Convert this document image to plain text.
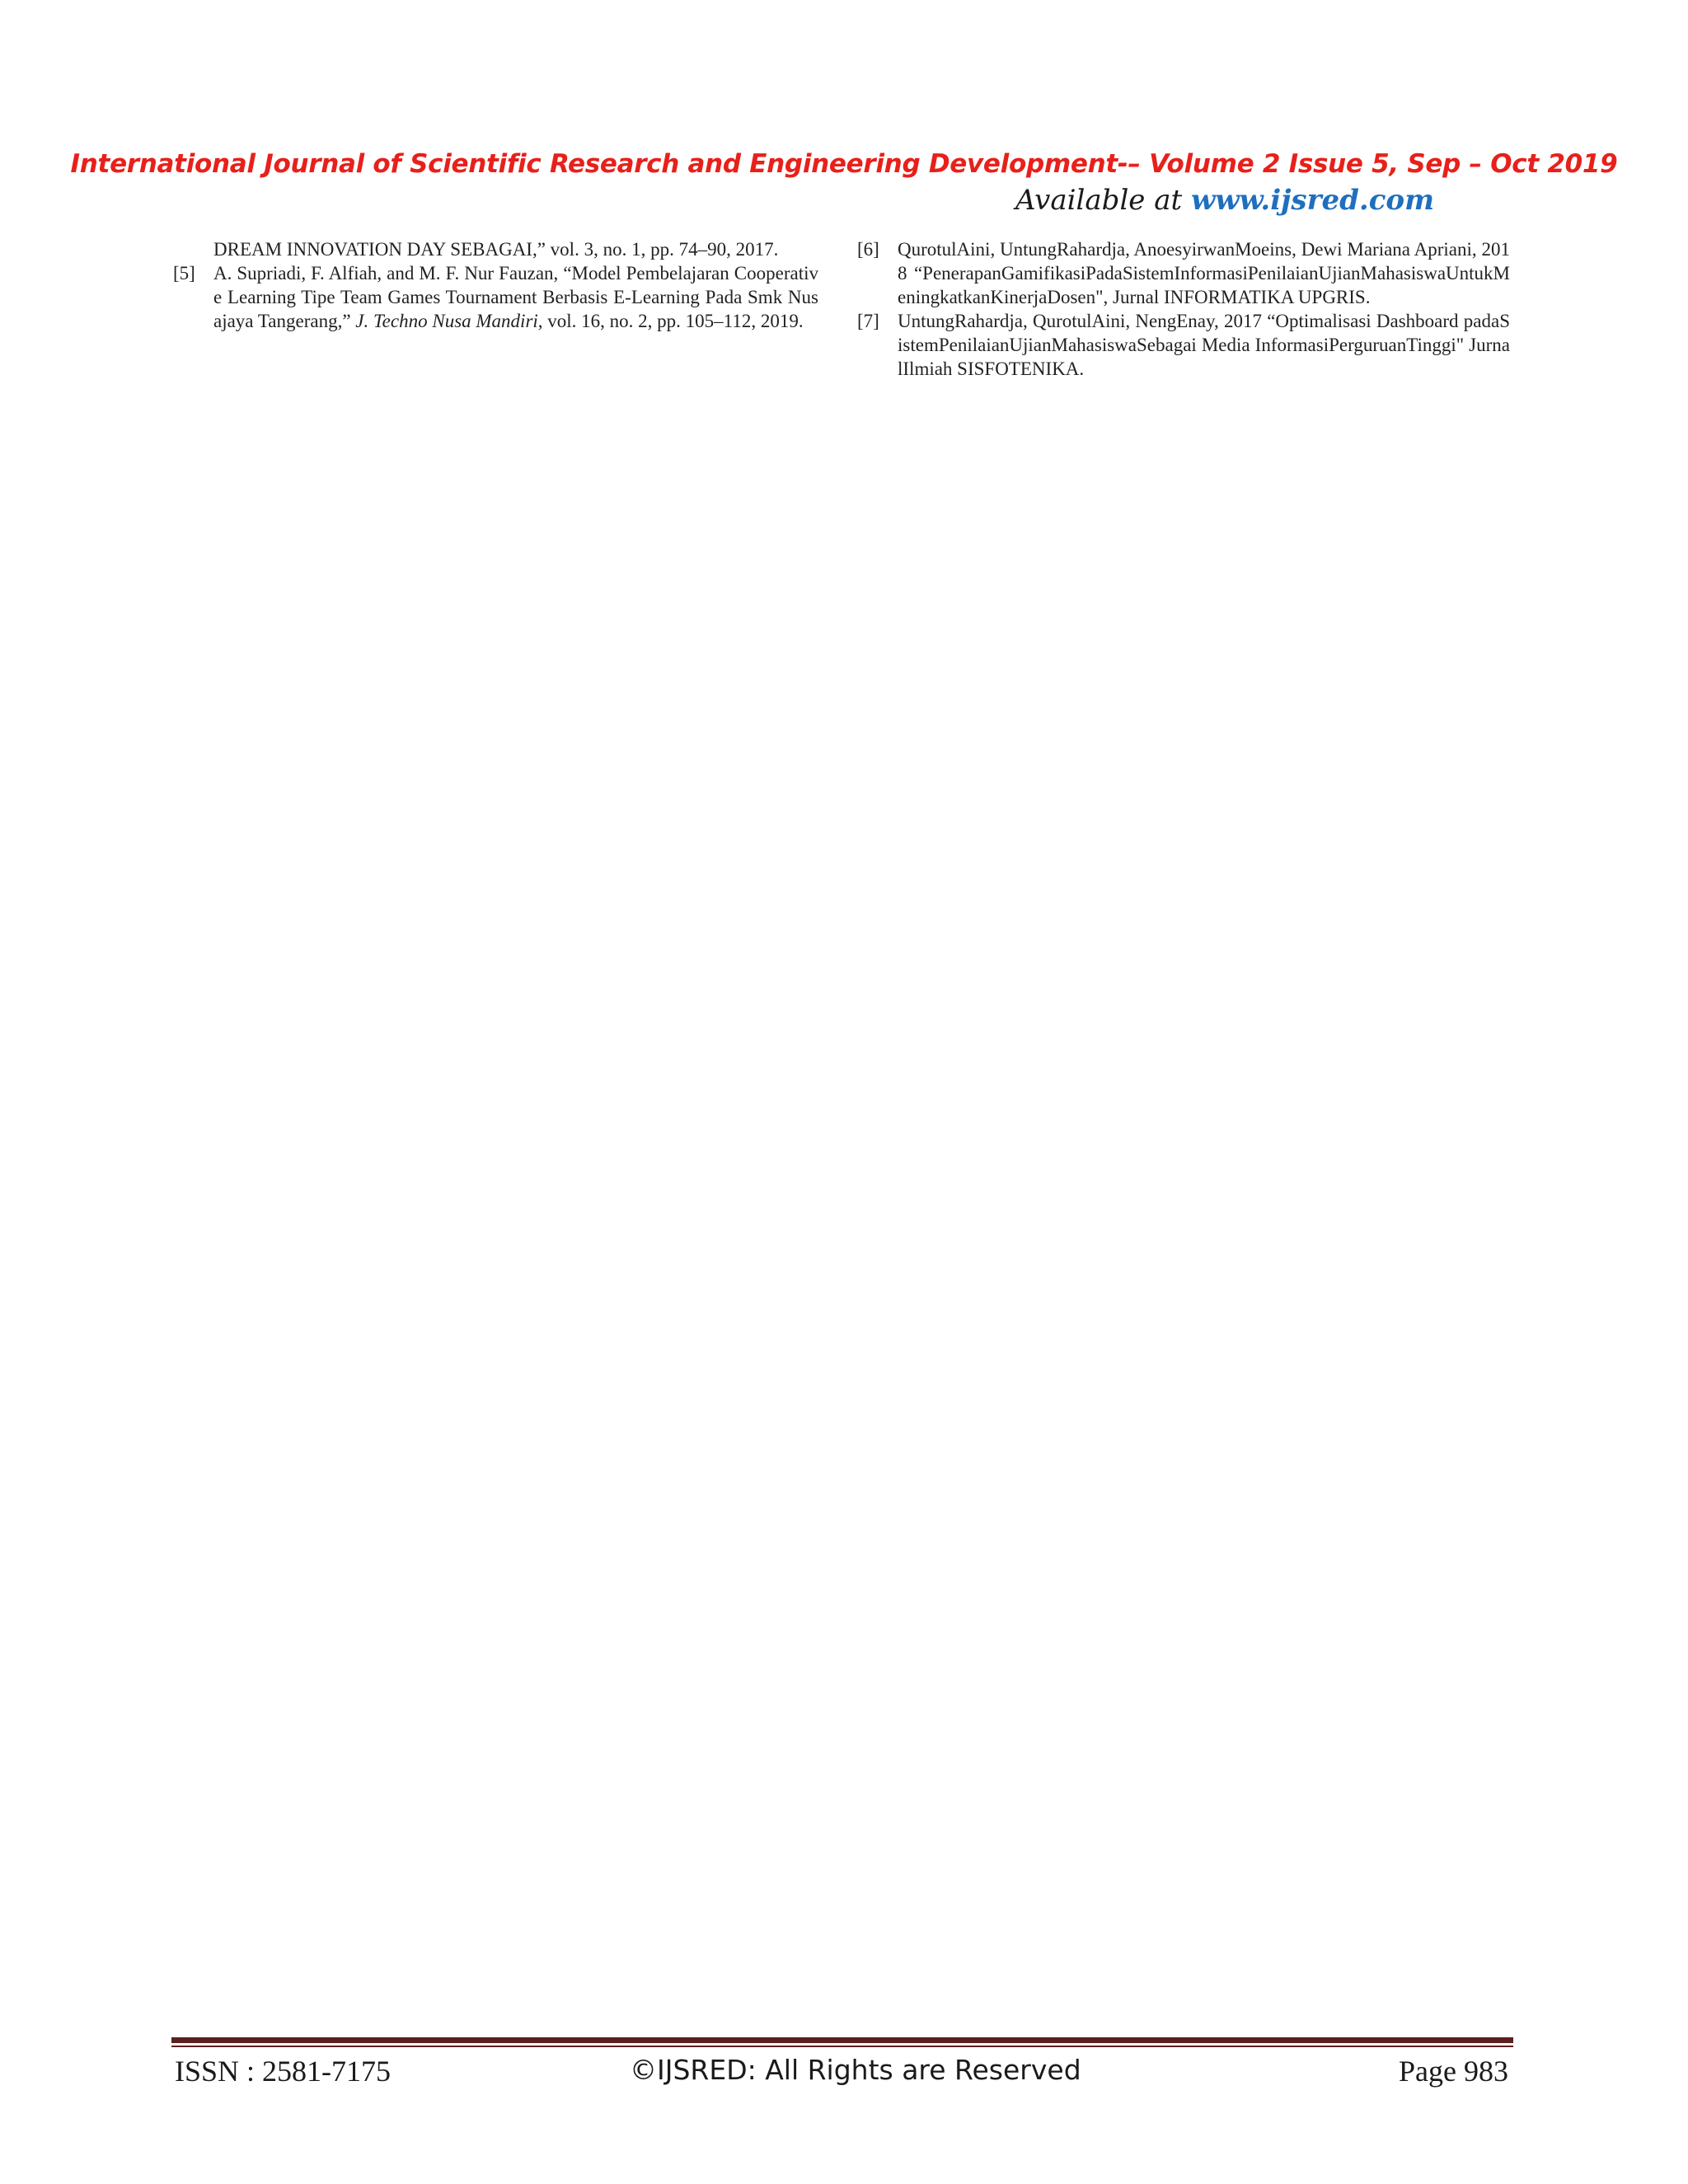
International Journal of Scientific Research and Engineering Development-– Volume 2 Issue 5, Sep – Oct 2019
Available at www.ijsred.com
DREAM INNOVATION DAY SEBAGAI,” vol. 3, no. 1, pp. 74–90, 2017.
[5] A. Supriadi, F. Alfiah, and M. F. Nur Fauzan, “Model Pembelajaran Cooperative Learning Tipe Team Games Tournament Berbasis E-Learning Pada Smk Nusajaya Tangerang,” J. Techno Nusa Mandiri, vol. 16, no. 2, pp. 105–112, 2019.
[6] QurotulAini, UntungRahardja, AnoesyirwanMoeins, Dewi Mariana Apriani, 2018 “PenerapanGamifikasiPadaSistemInformasiPenilaianUjianMahasiswaUntukMeningkatkanKinerjaDosen", Jurnal INFORMATIKA UPGRIS.
[7] UntungRahardja, QurotulAini, NengEnay, 2017 “Optimalisasi Dashboard padaSistemPenilaianUjianMahasiswaSebagai Media InformasiPerguruanTinggi" JurnalIlmiah SISFOTENIKA.
ISSN : 2581-7175	©IJSRED: All Rights are Reserved	Page 983
